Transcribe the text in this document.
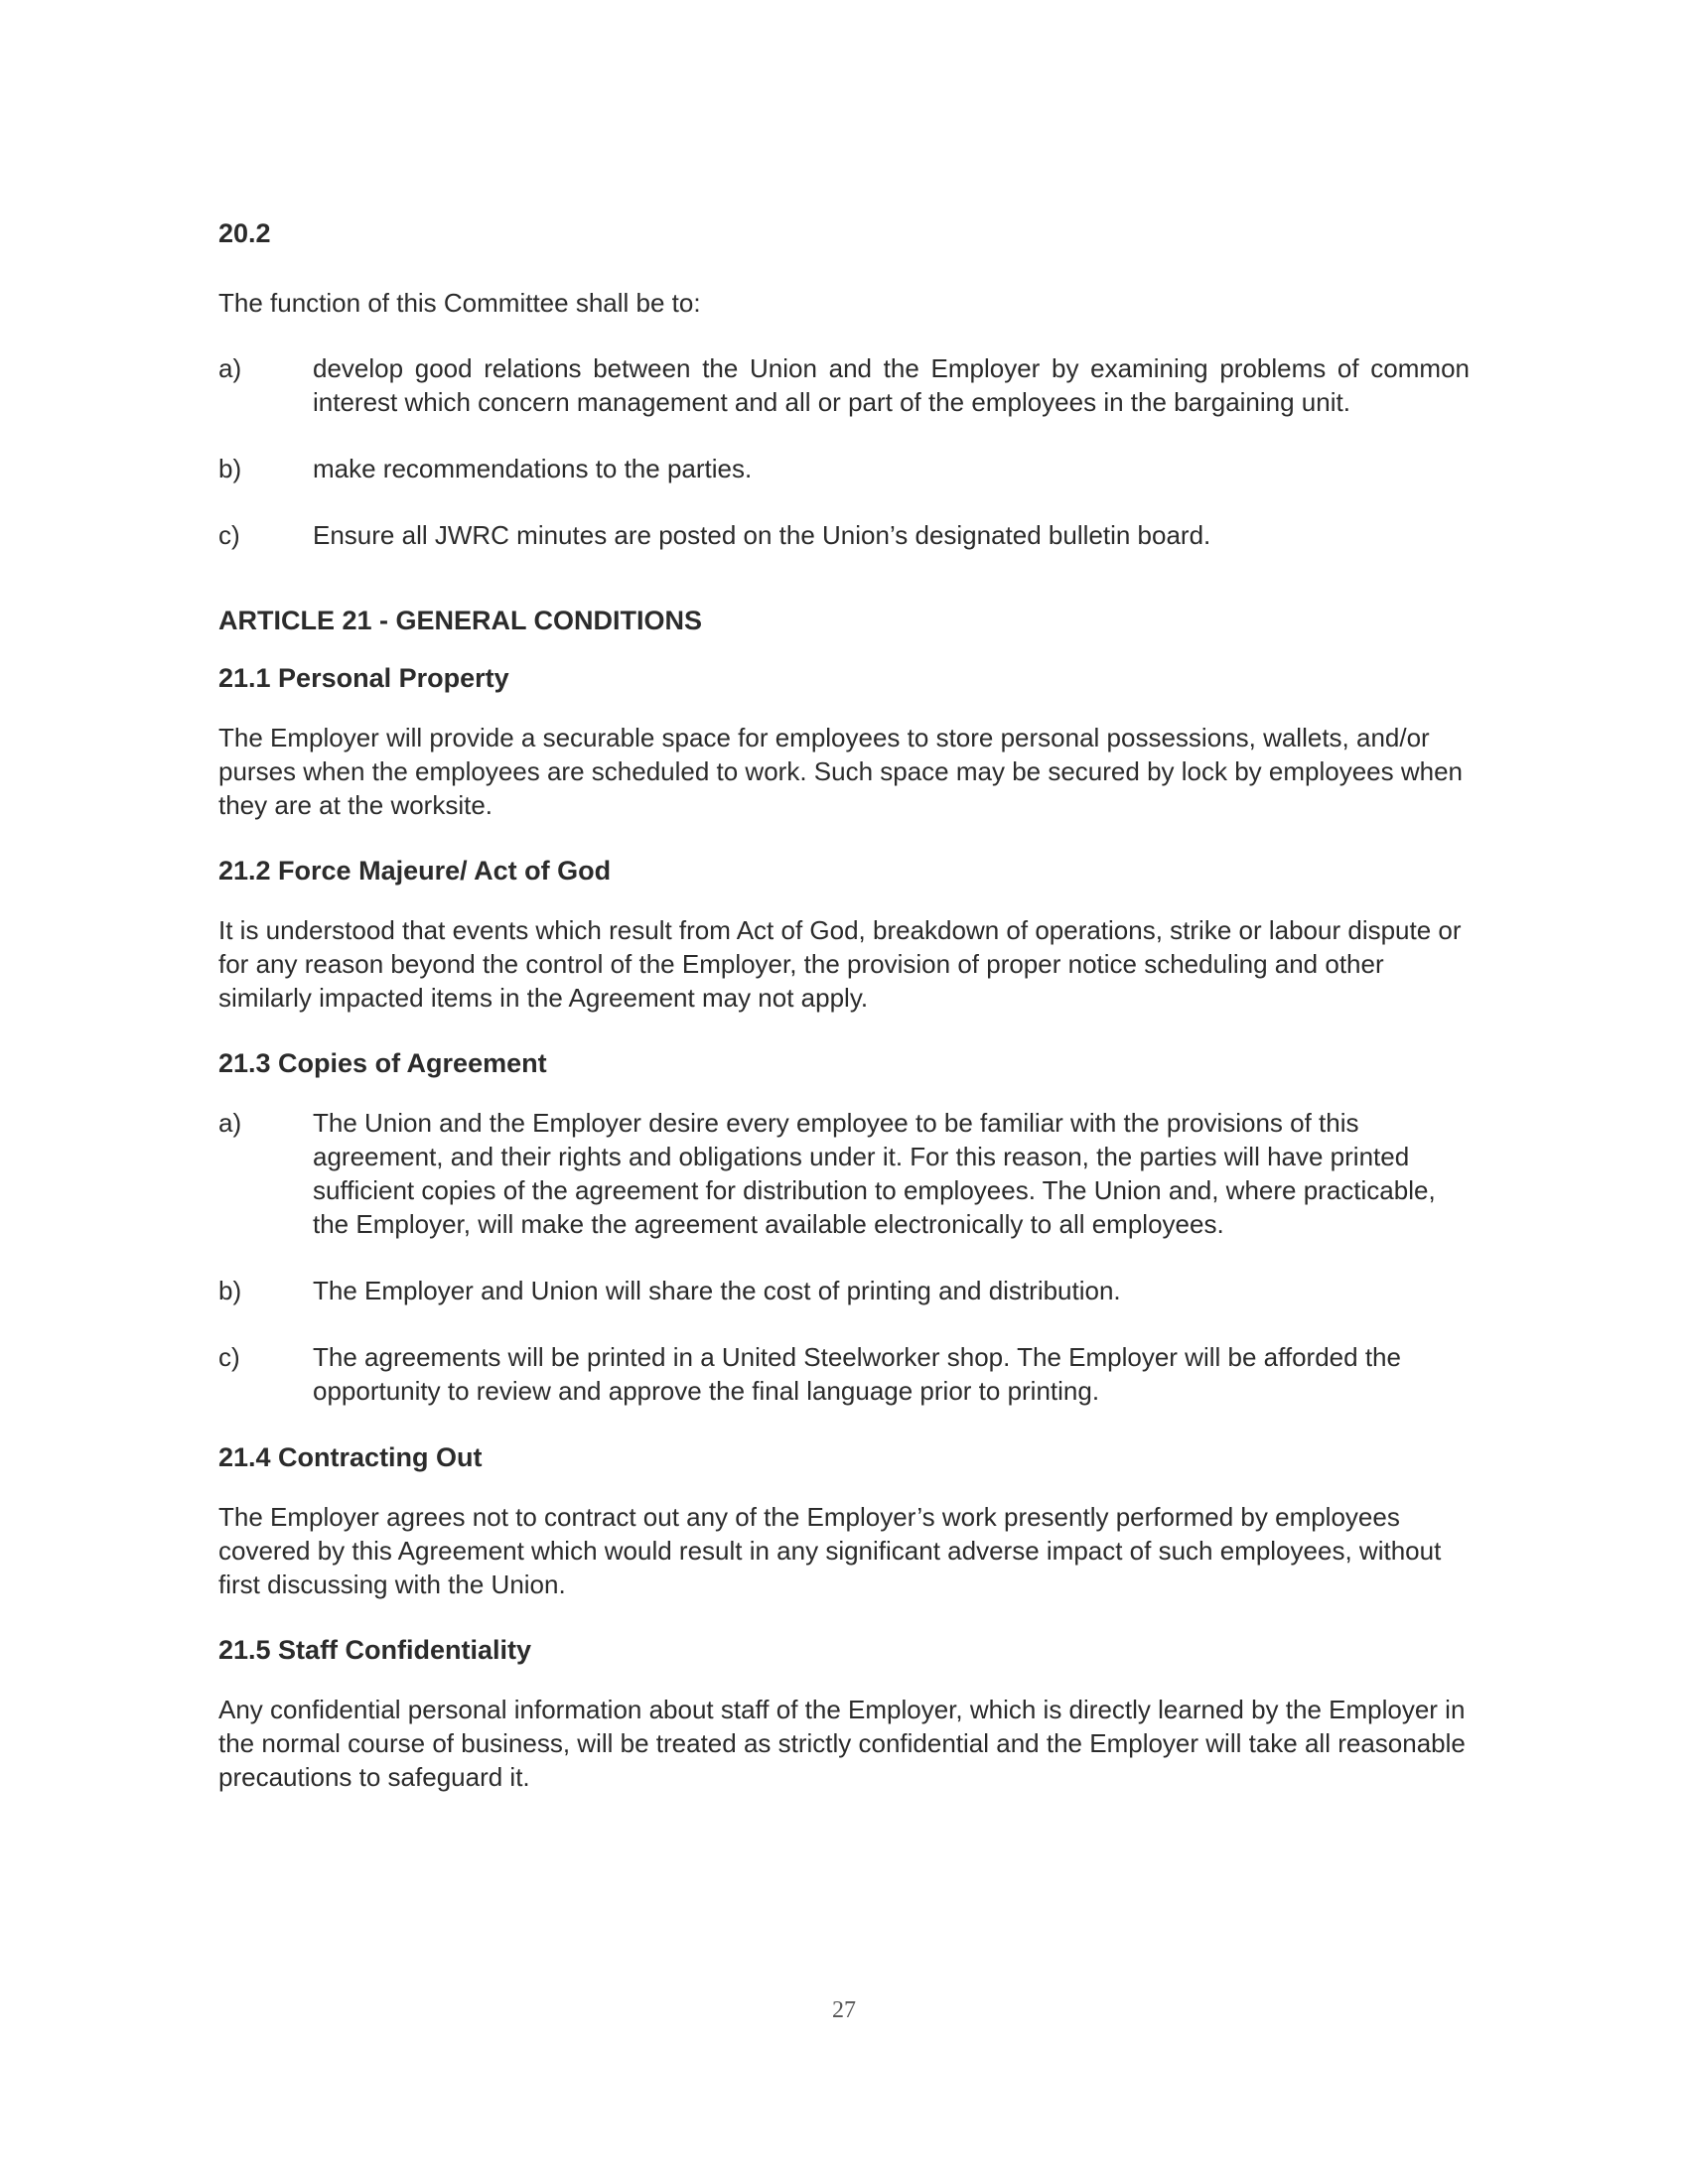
20.2
The function of this Committee shall be to:
a)	develop good relations between the Union and the Employer by examining problems of common interest which concern management and all or part of the employees in the bargaining unit.
b)	make recommendations to the parties.
c)	Ensure all JWRC minutes are posted on the Union’s designated bulletin board.
ARTICLE 21 - GENERAL CONDITIONS
21.1 Personal Property
The Employer will provide a securable space for employees to store personal possessions, wallets, and/or purses when the employees are scheduled to work. Such space may be secured by lock by employees when they are at the worksite.
21.2 Force Majeure/ Act of God
It is understood that events which result from Act of God, breakdown of operations, strike or labour dispute or for any reason beyond the control of the Employer, the provision of proper notice scheduling and other similarly impacted items in the Agreement may not apply.
21.3 Copies of Agreement
a)	The Union and the Employer desire every employee to be familiar with the provisions of this agreement, and their rights and obligations under it. For this reason, the parties will have printed sufficient copies of the agreement for distribution to employees. The Union and, where practicable, the Employer, will make the agreement available electronically to all employees.
b)	The Employer and Union will share the cost of printing and distribution.
c)	The agreements will be printed in a United Steelworker shop. The Employer will be afforded the opportunity to review and approve the final language prior to printing.
21.4 Contracting Out
The Employer agrees not to contract out any of the Employer’s work presently performed by employees covered by this Agreement which would result in any significant adverse impact of such employees, without first discussing with the Union.
21.5 Staff Confidentiality
Any confidential personal information about staff of the Employer, which is directly learned by the Employer in the normal course of business, will be treated as strictly confidential and the Employer will take all reasonable precautions to safeguard it.
27
